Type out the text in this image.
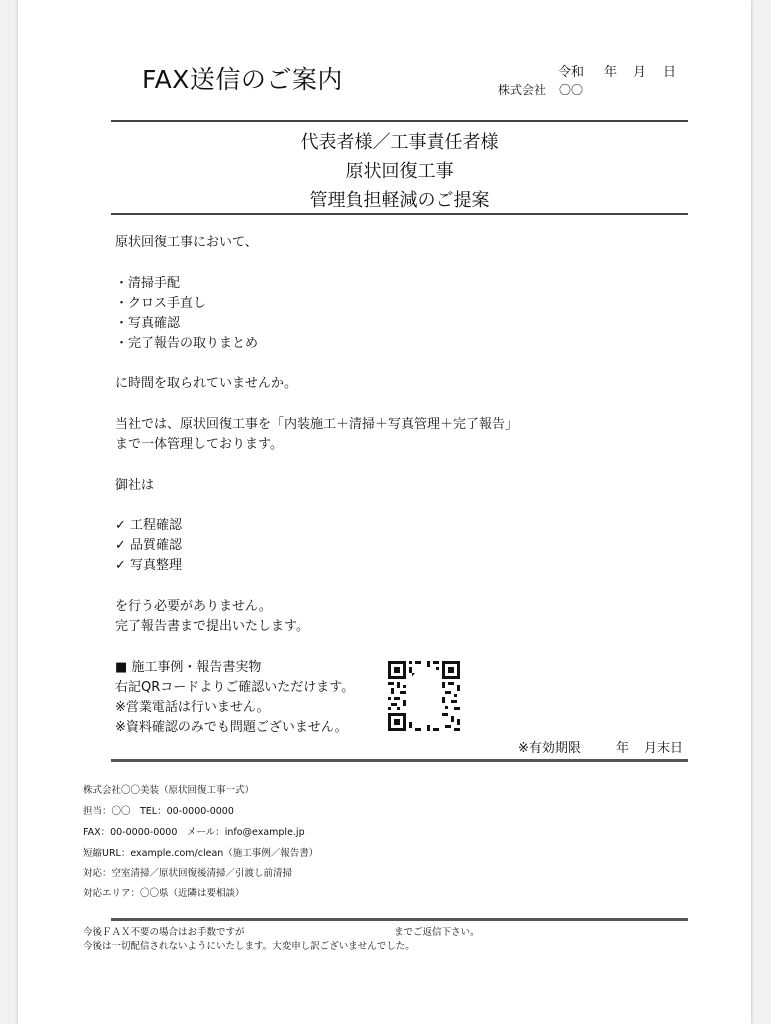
FAX送信のご案内	令和 年 月 日
株式会社 〇〇
代表者様／工事責任者様
原状回復工事
管理負担軽減のご提案
原状回復工事において、
・清掃手配
・クロス手直し
・写真確認
・完了報告の取りまとめ
に時間を取られていませんか。
当社では、原状回復工事を「内装施工＋清掃＋写真管理＋完了報告」
まで一体管理しております。
御社は
✓ 工程確認
✓ 品質確認
✓ 写真整理
を行う必要がありません。
完了報告書まで提出いたします。
■ 施工事例・報告書実物
右記QRコードよりご確認いただけます。
※営業電話は行いません。
※資料確認のみでも問題ございません。
※有効期限	年 月末日
株式会社〇〇美装（原状回復工事一式）
担当：〇〇　TEL：00-0000-0000
FAX：00-0000-0000　メール：info@example.jp
短縮URL：example.com/clean（施工事例／報告書）
対応：空室清掃／原状回復後清掃／引渡し前清掃
対応エリア：〇〇県（近隣は要相談）
今後ＦＡＸ不要の場合はお手数ですが	までご返信下さい。
今後は一切配信されないようにいたします。大変申し訳ございませんでした。
